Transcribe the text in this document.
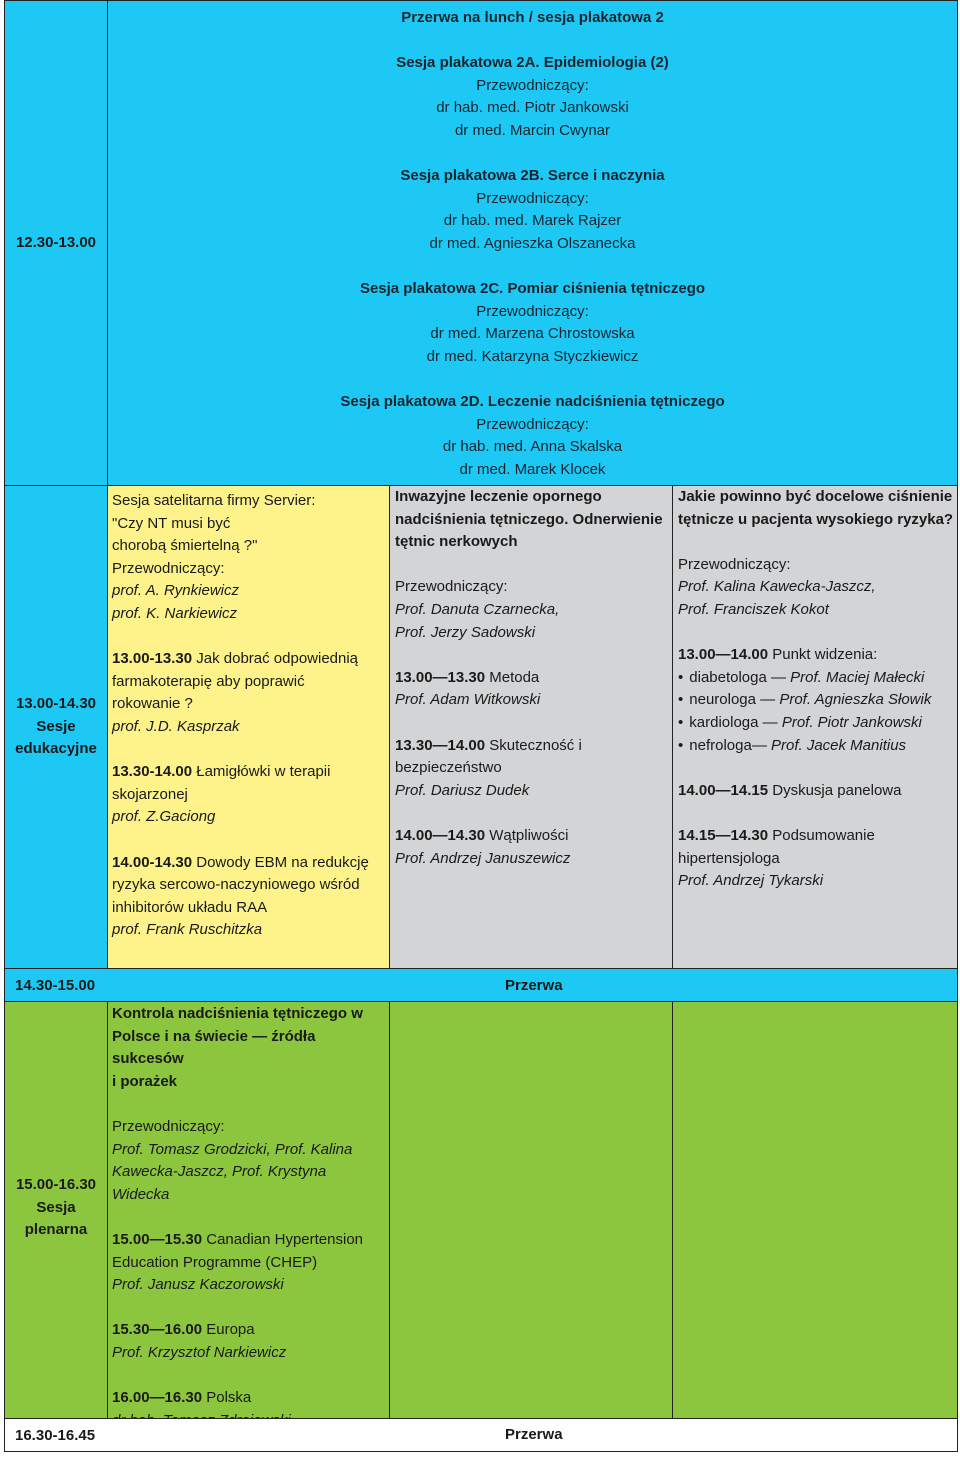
12.30-13.00

Przerwa na lunch / sesja plakatowa 2

Sesja plakatowa 2A. Epidemiologia (2)

Przewodniczący:

dr hab. med. Piotr Jankowski

dr med. Marcin Cwynar

Sesja plakatowa 2B. Serce i naczynia

Przewodniczący:

dr hab. med. Marek Rajzer

dr med. Agnieszka Olszanecka

Sesja plakatowa 2C. Pomiar ciśnienia tętniczego

Przewodniczący:

dr med. Marzena Chrostowska

dr med. Katarzyna Styczkiewicz

Sesja plakatowa 2D. Leczenie nadciśnienia tętniczego

Przewodniczący:

dr hab. med. Anna Skalska

dr med. Marek Klocek

13.00-14.30
Sesje
edukacyjne

Sesja satelitarna firmy Servier:

"Czy NT musi być

chorobą śmiertelną ?"

Przewodniczący:

prof. A. Rynkiewicz

prof. K. Narkiewicz

13.00-13.30 Jak dobrać odpowiednią

farmakoterapię aby poprawić

rokowanie ?

prof. J.D. Kasprzak

13.30-14.00 Łamigłówki w terapii

skojarzonej

prof. Z.Gaciong

14.00-14.30 Dowody EBM na redukcję

ryzyka sercowo-naczyniowego wśród

inhibitorów układu RAA

prof. Frank Ruschitzka

Inwazyjne leczenie opornego

nadciśnienia tętniczego. Odnerwienie

tętnic nerkowych

Przewodniczący:

Prof. Danuta Czarnecka,

Prof. Jerzy Sadowski

13.00—13.30 Metoda

Prof. Adam Witkowski

13.30—14.00 Skuteczność i

bezpieczeństwo

Prof. Dariusz Dudek

14.00—14.30 Wątpliwości

Prof. Andrzej Januszewicz

Jakie powinno być docelowe ciśnienie

tętnicze u pacjenta wysokiego ryzyka?

Przewodniczący:

Prof. Kalina Kawecka-Jaszcz,

Prof. Franciszek Kokot

13.00—14.00 Punkt widzenia:

• diabetologa — Prof. Maciej Małecki

• neurologa — Prof. Agnieszka Słowik

• kardiologa — Prof. Piotr Jankowski

• nefrologa— Prof. Jacek Manitius

14.00—14.15 Dyskusja panelowa

14.15—14.30 Podsumowanie

hipertensjologa

Prof. Andrzej Tykarski

14.30-15.00	Przerwa
15.00-16.30
Sesja
plenarna

Kontrola nadciśnienia tętniczego w

Polsce i na świecie — źródła sukcesów

i porażek

Przewodniczący:

Prof. Tomasz Grodzicki, Prof. Kalina

Kawecka-Jaszcz, Prof. Krystyna

Widecka

15.00—15.30 Canadian Hypertension

Education Programme (CHEP)

Prof. Janusz Kaczorowski

15.30—16.00 Europa

Prof. Krzysztof Narkiewicz

16.00—16.30 Polska

16.30-16.45	Przerwa
